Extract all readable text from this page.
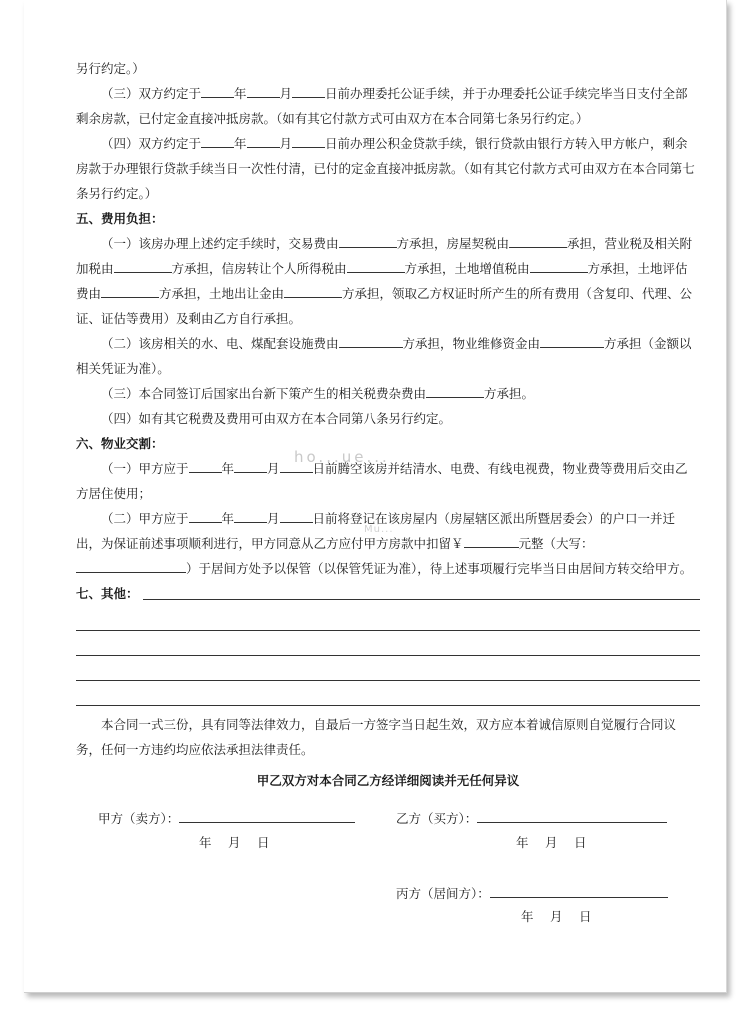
另行约定。）

（三）双方约定于	年	月	日前办理委托公证手续，并于办理委托公证手续完毕当日支付全部剩余房款，已付定金直接冲抵房款。（如有其它付款方式可由双方在本合同第七条另行约定。）

（四）双方约定于	年	月	日前办理公积金贷款手续，银行贷款由银行方转入甲方帐户，剩余房款于办理银行贷款手续当日一次性付清，已付的定金直接冲抵房款。（如有其它付款方式可由双方在本合同第七条另行约定。）

五、费用负担：

（一）该房办理上述约定手续时，交易费由	方承担，房屋契税由	承担，营业税及相关附加税由	方承担，信房转让个人所得税由	方承担，土地增值税由	方承担，土地评估费由	方承担，土地出让金由	方承担，领取乙方权证时所产生的所有费用（含复印、代理、公证、证估等费用）及剩由乙方自行承担。

（二）该房相关的水、电、煤配套设施费由	方承担，物业维修资金由	方承担（金额以相关凭证为准）。

（三）本合同签订后国家出台新下策产生的相关税费杂费由	方承担。

（四）如有其它税费及费用可由双方在本合同第八条另行约定。

六、物业交割：

（一）甲方应于	年	月	日前腾空该房并结清水、电费、有线电视费，物业费等费用后交由乙方居住使用；

（二）甲方应于	年	月	日前将登记在该房屋内（房屋辖区派出所暨居委会）的户口一并迁出，为保证前述事项顺利进行，甲方同意从乙方应付甲方房款中扣留￥	元整（大写：）于居间方处予以保管（以保管凭证为准），待上述事项履行完毕当日由居间方转交给甲方。

七、其他：

本合同一式三份，具有同等法律效力，自最后一方签字当日起生效，双方应本着诚信原则自觉履行合同议务，任何一方违约均应依法承担法律责任。

甲乙双方对本合同乙方经详细阅读并无任何异议

甲方（卖方）：
年　 月　 日
乙方（买方）：
年　 月　 日
丙方（居间方）：
年　 月　 日
ho...ue...
Mu...
